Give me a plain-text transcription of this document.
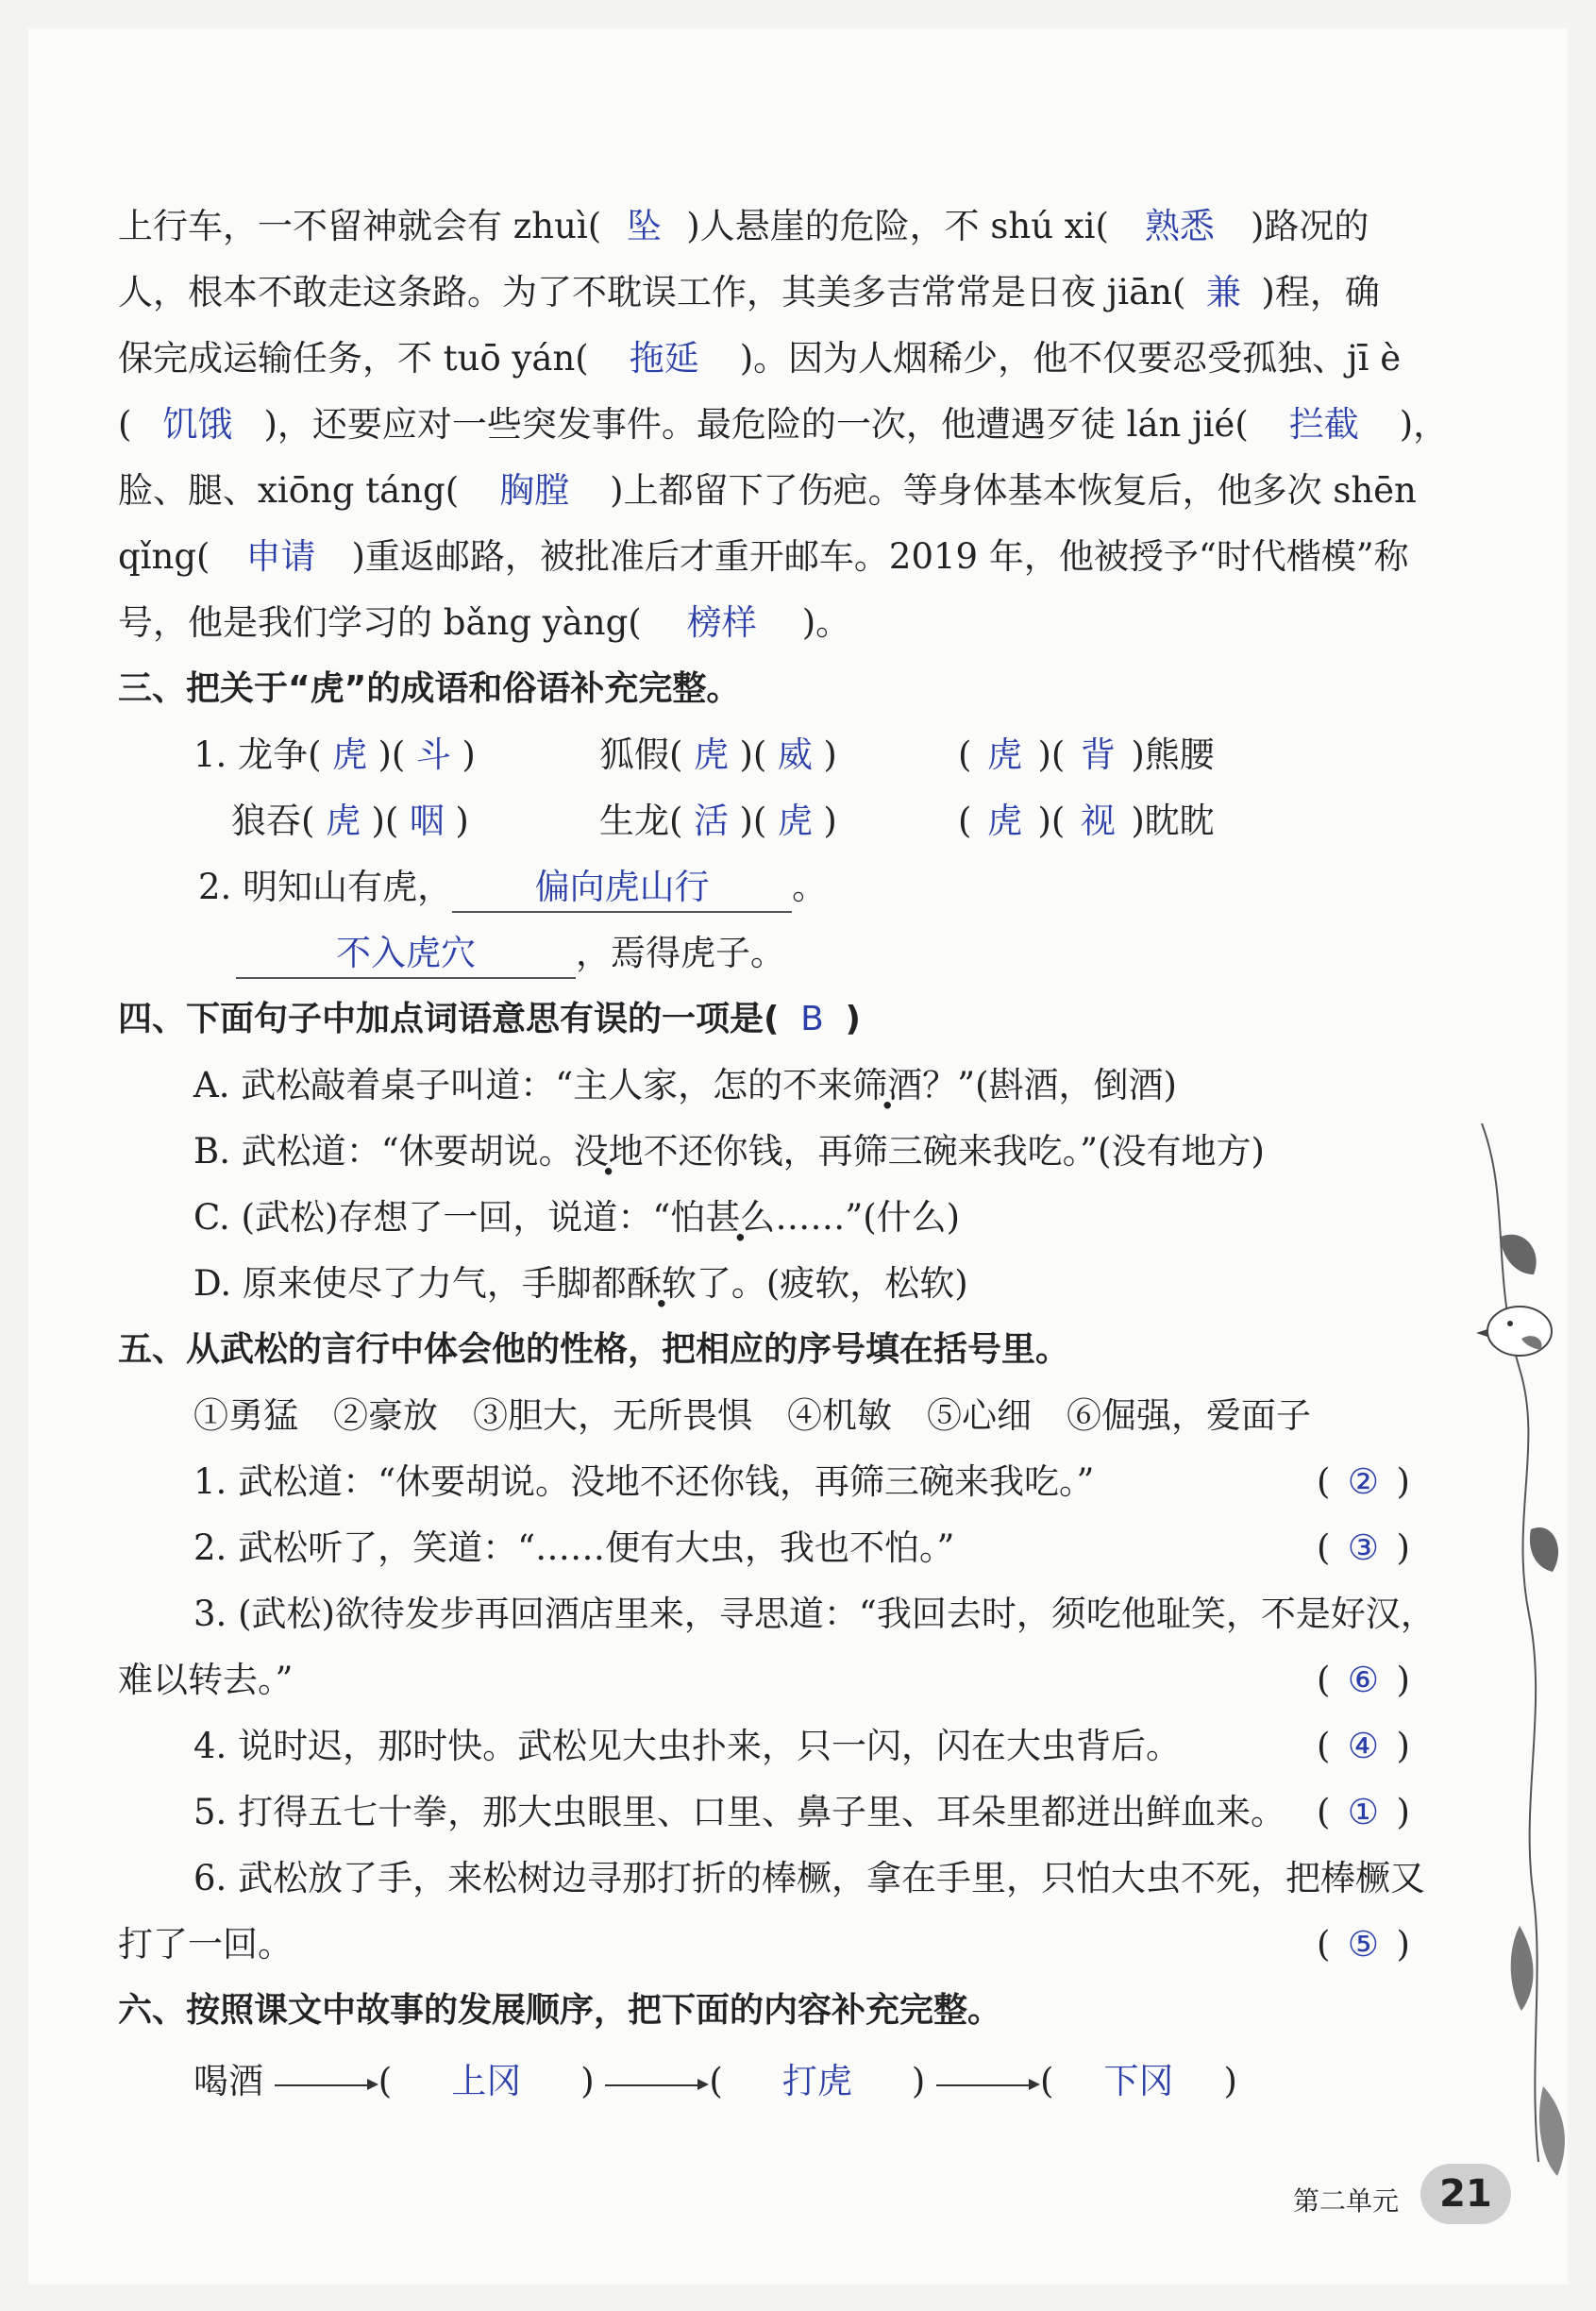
上行车，一不留神就会有 zhuì( 坠 )人悬崖的危险，不 shú xi( 熟悉 )路况的
人，根本不敢走这条路。为了不耽误工作，其美多吉常常是日夜 jiān( 兼 )程，确
保完成运输任务，不 tuō yán( 拖延 )。因为人烟稀少，他不仅要忍受孤独、jī è
( 饥饿 )，还要应对一些突发事件。最危险的一次，他遭遇歹徒 lán jié( 拦截 )，
脸、腿、xiōng táng( 胸膛 )上都留下了伤疤。等身体基本恢复后，他多次 shēn
qǐng( 申请 )重返邮路，被批准后才重开邮车。2019 年，他被授予“时代楷模”称
号，他是我们学习的 bǎng yàng( 榜样 )。
三、把关于“虎”的成语和俗语补充完整。
1. 龙争( 虎 )( 斗 )	狐假( 虎 )( 威 )	( 虎 )( 背 )熊腰
狼吞( 虎 )( 咽 )	生龙( 活 )( 虎 )	( 虎 )( 视 )眈眈
2. 明知山有虎， 偏向虎山行 。
不入虎穴	，焉得虎子。
四、下面句子中加点词语意思有误的一项是( B )
A. 武松敲着桌子叫道：“主人家，怎的不来筛酒？”(斟酒，倒酒)
B. 武松道：“休要胡说。没地不还你钱，再筛三碗来我吃。”(没有地方)
C. (武松)存想了一回，说道：“怕甚么……”(什么)
D. 原来使尽了力气，手脚都酥软了。(疲软，松软)
五、从武松的言行中体会他的性格，把相应的序号填在括号里。
①勇猛　②豪放　③胆大，无所畏惧　④机敏　⑤心细　⑥倔强，爱面子
1. 武松道：“休要胡说。没地不还你钱，再筛三碗来我吃。”	( ② )
2. 武松听了，笑道：“……便有大虫，我也不怕。”	( ③ )
3. (武松)欲待发步再回酒店里来，寻思道：“我回去时，须吃他耻笑，不是好汉，
难以转去。”	( ⑥ )
4. 说时迟，那时快。武松见大虫扑来，只一闪，闪在大虫背后。	( ④ )
5. 打得五七十拳，那大虫眼里、口里、鼻子里、耳朵里都迸出鲜血来。 ( ① )
6. 武松放了手，来松树边寻那打折的棒橛，拿在手里，只怕大虫不死，把棒橛又
打了一回。	( ⑤ )
六、按照课文中故事的发展顺序，把下面的内容补充完整。
喝酒	( 上冈 )	( 打虎 )	( 下冈 )
第二单元	21
